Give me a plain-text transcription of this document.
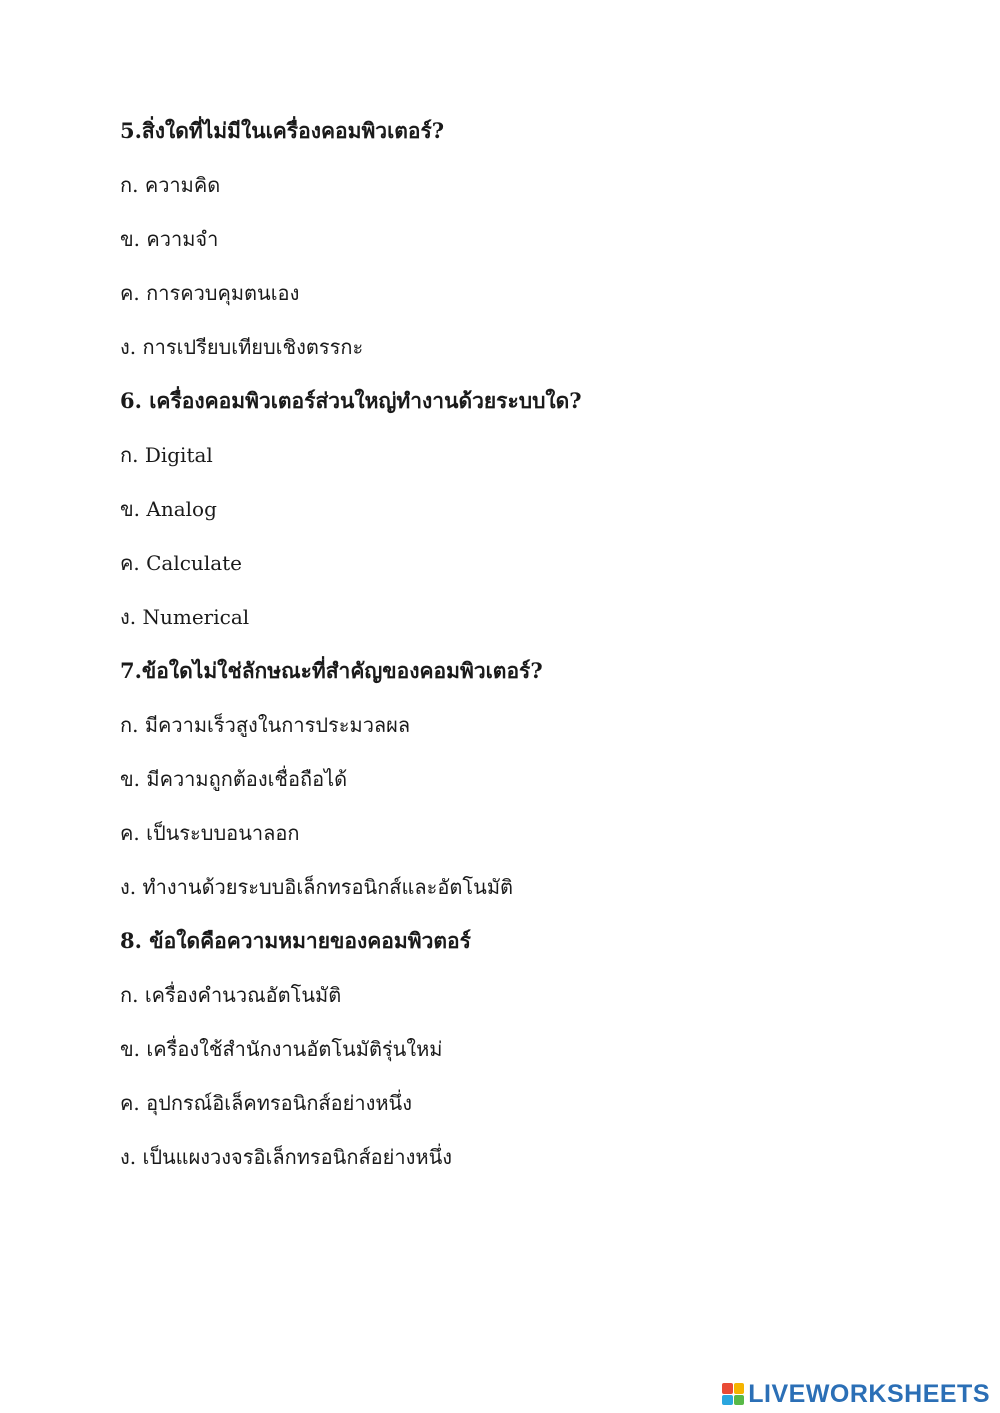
5.สิ่งใดที่ไม่มีในเครื่องคอมพิวเตอร์?
ก. ความคิด
ข. ความจำ
ค. การควบคุมตนเอง
ง. การเปรียบเทียบเชิงตรรกะ
6. เครื่องคอมพิวเตอร์ส่วนใหญ่ทำงานด้วยระบบใด?
ก. Digital
ข. Analog
ค. Calculate
ง. Numerical
7.ข้อใดไม่ใช่ลักษณะที่สำคัญของคอมพิวเตอร์?
ก. มีความเร็วสูงในการประมวลผล
ข. มีความถูกต้องเชื่อถือได้
ค. เป็นระบบอนาลอก
ง. ทำงานด้วยระบบอิเล็กทรอนิกส์และอัตโนมัติ
8. ข้อใดคือความหมายของคอมพิวตอร์
ก. เครื่องคำนวณอัตโนมัติ
ข. เครื่องใช้สำนักงานอัตโนมัติรุ่นใหม่
ค. อุปกรณ์อิเล็คทรอนิกส์อย่างหนึ่ง
ง. เป็นแผงวงจรอิเล็กทรอนิกส์อย่างหนึ่ง
LIVEWORKSHEETS
